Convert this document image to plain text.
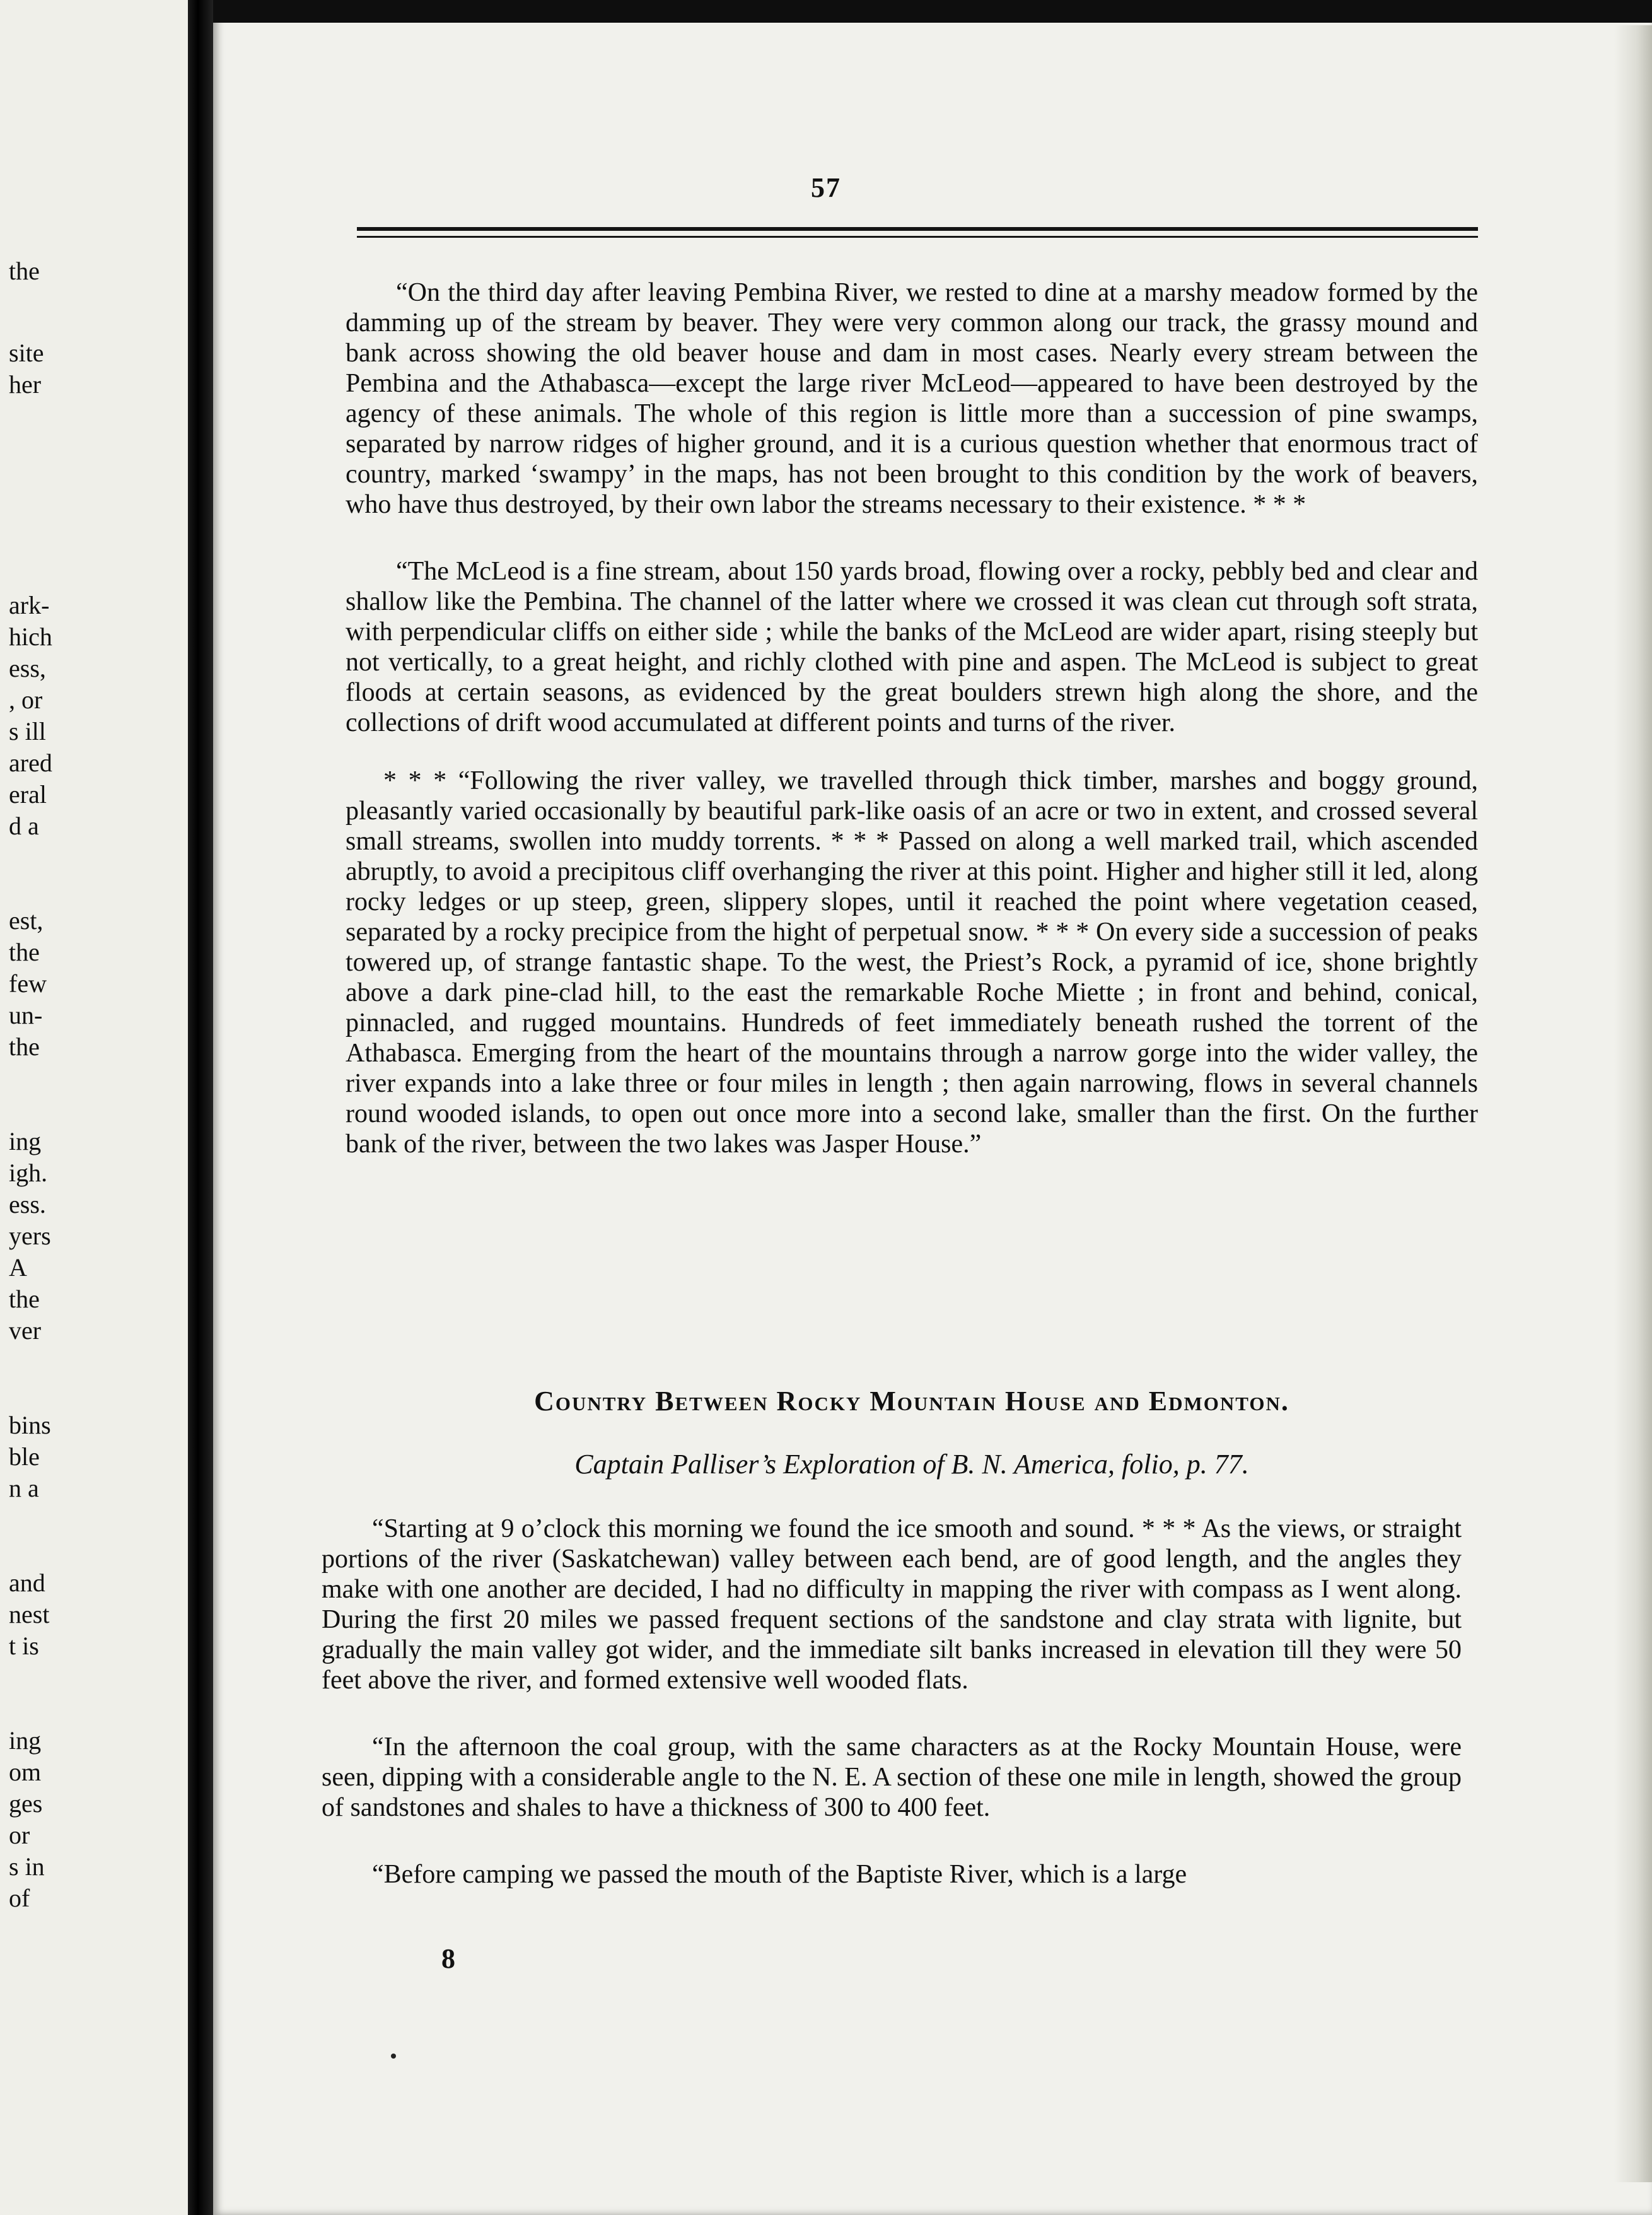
the
site
her
ark-
hich
ess,
, or
s ill
ared
eral
d a
est,
the
few
un-
the
ing
igh.
ess.
yers
A
the
ver
bins
ble
n a
and
nest
t is
ing
om
ges
or
s in
of
57

“On the third day after leaving Pembina River, we rested to dine at a marshy meadow formed by the damming up of the stream by beaver. They were very common along our track, the grassy mound and bank across showing the old beaver house and dam in most cases. Nearly every stream between the Pembina and the Athabasca—except the large river McLeod—appeared to have been destroyed by the agency of these animals. The whole of this region is little more than a succession of pine swamps, separated by narrow ridges of higher ground, and it is a curious question whether that enormous tract of country, marked ‘swampy’ in the maps, has not been brought to this condition by the work of beavers, who have thus destroyed, by their own labor the streams necessary to their existence. * * *

“The McLeod is a fine stream, about 150 yards broad, flowing over a rocky, pebbly bed and clear and shallow like the Pembina. The channel of the latter where we crossed it was clean cut through soft strata, with perpendicular cliffs on either side ; while the banks of the McLeod are wider apart, rising steeply but not vertically, to a great height, and richly clothed with pine and aspen. The McLeod is subject to great floods at certain seasons, as evidenced by the great boulders strewn high along the shore, and the collections of drift wood accumulated at different points and turns of the river.

* * * “Following the river valley, we travelled through thick timber, marshes and boggy ground, pleasantly varied occasionally by beautiful park-like oasis of an acre or two in extent, and crossed several small streams, swollen into muddy torrents. * * * Passed on along a well marked trail, which ascended abruptly, to avoid a precipitous cliff overhanging the river at this point. Higher and higher still it led, along rocky ledges or up steep, green, slippery slopes, until it reached the point where vegetation ceased, separated by a rocky precipice from the hight of perpetual snow. * * * On every side a succession of peaks towered up, of strange fantastic shape. To the west, the Priest’s Rock, a pyramid of ice, shone brightly above a dark pine-clad hill, to the east the remarkable Roche Miette ; in front and behind, conical, pinnacled, and rugged mountains. Hundreds of feet immediately beneath rushed the torrent of the Athabasca. Emerging from the heart of the mountains through a narrow gorge into the wider valley, the river expands into a lake three or four miles in length ; then again narrowing, flows in several channels round wooded islands, to open out once more into a second lake, smaller than the first. On the further bank of the river, between the two lakes was Jasper House.”

Country Between Rocky Mountain House and Edmonton.
Captain Palliser’s Exploration of B. N. America, folio, p. 77.

“Starting at 9 o’clock this morning we found the ice smooth and sound. * * * As the views, or straight portions of the river (Saskatchewan) valley between each bend, are of good length, and the angles they make with one another are decided, I had no difficulty in mapping the river with compass as I went along. During the first 20 miles we passed frequent sections of the sandstone and clay strata with lignite, but gradually the main valley got wider, and the immediate silt banks increased in elevation till they were 50 feet above the river, and formed extensive well wooded flats.

“In the afternoon the coal group, with the same characters as at the Rocky Mountain House, were seen, dipping with a considerable angle to the N. E. A section of these one mile in length, showed the group of sandstones and shales to have a thickness of 300 to 400 feet.

“Before camping we passed the mouth of the Baptiste River, which is a large

8
